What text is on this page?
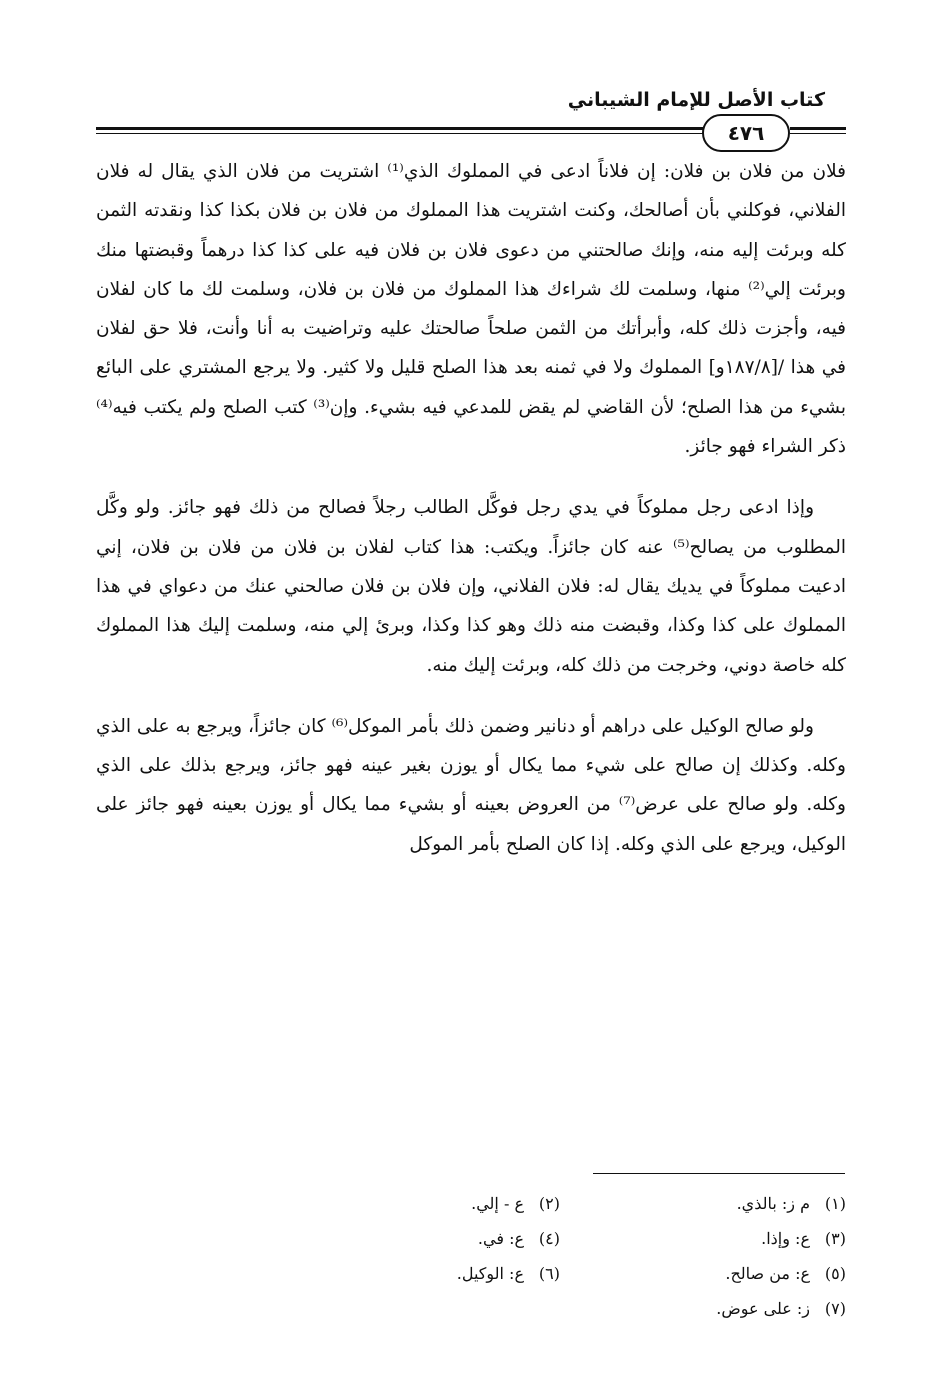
كتاب الأصل للإمام الشيباني
٤٧٦

فلان من فلان بن فلان: إن فلاناً ادعى في المملوك الذي⁽¹⁾ اشتريت من فلان الذي يقال له فلان الفلاني، فوكلني بأن أصالحك، وكنت اشتريت هذا المملوك من فلان بن فلان بكذا كذا ونقدته الثمن كله وبرئت إليه منه، وإنك صالحتني من دعوى فلان بن فلان فيه على كذا كذا درهماً وقبضتها منك وبرئت إلي⁽²⁾ منها، وسلمت لك شراءك هذا المملوك من فلان بن فلان، وسلمت لك ما كان لفلان فيه، وأجزت ذلك كله، وأبرأتك من الثمن صلحاً صالحتك عليه وتراضيت به أنا وأنت، فلا حق لفلان في هذا /[١٨٧/٨و] المملوك ولا في ثمنه بعد هذا الصلح قليل ولا كثير. ولا يرجع المشتري على البائع بشيء من هذا الصلح؛ لأن القاضي لم يقض للمدعي فيه بشيء. وإن⁽³⁾ كتب الصلح ولم يكتب فيه⁽⁴⁾ ذكر الشراء فهو جائز.

وإذا ادعى رجل مملوكاً في يدي رجل فوكَّل الطالب رجلاً فصالح من ذلك فهو جائز. ولو وكَّل المطلوب من يصالح⁽⁵⁾ عنه كان جائزاً. ويكتب: هذا كتاب لفلان بن فلان من فلان بن فلان، إني ادعيت مملوكاً في يديك يقال له: فلان الفلاني، وإن فلان بن فلان صالحني عنك من دعواي في هذا المملوك على كذا وكذا، وقبضت منه ذلك وهو كذا وكذا، وبرئ إلي منه، وسلمت إليك هذا المملوك كله خاصة دوني، وخرجت من ذلك كله، وبرئت إليك منه.

ولو صالح الوكيل على دراهم أو دنانير وضمن ذلك بأمر الموكل⁽⁶⁾ كان جائزاً، ويرجع به على الذي وكله. وكذلك إن صالح على شيء مما يكال أو يوزن بغير عينه فهو جائز، ويرجع بذلك على الذي وكله. ولو صالح على عرض⁽⁷⁾ من العروض بعينه أو بشيء مما يكال أو يوزن بعينه فهو جائز على الوكيل، ويرجع على الذي وكله. إذا كان الصلح بأمر الموكل

(١)م ز: بالذي.
(٢)ع - إلي.
(٣)ع: وإذا.
(٤)ع: في.
(٥)ع: من صالح.
(٦)ع: الوكيل.
(٧)ز: على عوض.
